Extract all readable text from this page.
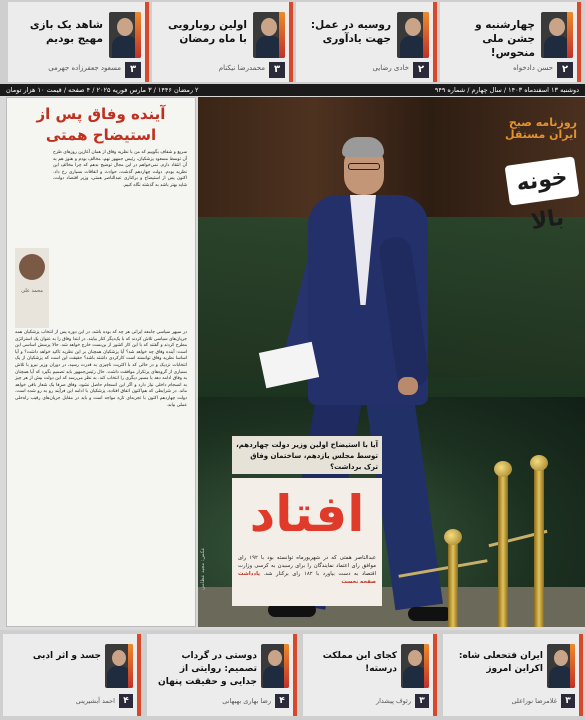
۲
چهارشنبه و جشن ملی منحوس!
حسن دادخواه
۲
روسیه در عمل: جهت یادآوری
خادی رضایی
۳
اولین رویارویی با ماه رمضان
محمدرضا نیکنام
۳
شاهد یک بازی مهیج بودیم
مسعود جعفرزاده جهرمی
دوشنبه ۱۳ اسفندماه ۱۴۰۳ / سال چهارم / شماره ۹۴۹
۲ رمضان ۱۴۴۶ / ۳ مارس فوریه ۲۰۲۵ / ۴ صفحه / قیمت ۱۰ هزار تومان
آینده وفاق پس از استیضاح همتی
محمد علی
سریع و شفاف بگوییم که من با نظریه وفاق از همان آغازین روزهای طرح آن توسط مسعود پزشکیان، رئیس جمهور نهم، مخالف بودم و هنوز هم به آن انتقاد دارم. نمی‌خواهم در این مجال توضیح بدهم که چرا مخالف این نظریه بودم. دولت چهاردهم گذشت، حوادث و اتفاقات بسیاری رخ داد. اکنون پس از استیضاح و برکناری عبدالناصر همتی، وزیر اقتصاد دولت، شاید بهتر باشد به گذشته نگاه کنیم.
در سپهر سیاسی جامعه ایرانی هر چه که بوده باشد، در این دوره پس از انتخاب پزشکیان همه جریان‌های سیاسی تلاش کردند که با یک‌دیگر کنار بیایند. در ابتدا وفاق را به عنوان یک استراتژی مطرح کردند و گفتند که با این کار کشور از بن‌بست خارج خواهد شد. حالا پرسش اساسی این است: آینده وفاق چه خواهد شد؟ آیا پزشکیان همچنان بر این نظریه تاکید خواهد داشت؟ و آیا اساسا نظریه وفاق توانسته است کارکردی داشته باشد؟ حقیقت این است که پزشکیان از یک انتخابات نزدیک و در حالی که با اکثریت ناچیزی به قدرت رسید، در دوران وزیر نیرو با تلاش بسیاری از گروه‌های پرتکرار موافقت داشت. حال رئیس‌جمهور باید تصمیم بگیرد که آیا همچنان به وفاق ادامه دهد یا مسیر دیگری را انتخاب کند. به نظر می‌رسد که این دولت بیش از هر چیز به انسجام داخلی نیاز دارد و اگر این انسجام حاصل نشود، وفاق صرفا یک شعار باقی خواهد ماند. در شرایطی که هم‌اکنون اتفاق افتاده، پزشکیان با ادامه این فرآیند رو به رو شده است. دولت چهاردهم اکنون با تجربه‌ای تازه مواجه است و باید در مقابل جریان‌های رقیب راه‌حلی عملی بیابد.
روزنامه صبح ایران مستقل
خونه‌ بالا
آیا با استیضاح اولین وزیر دولت چهاردهم، توسط مجلس یازدهم، ساختمان وفاق ترک برداشت؟
افتاد
عبدالناصر همتی که در شهریورماه توانسته بود با ۱۹۲ رای موافق رای اعتماد نمایندگان را برای رسیدن به کرسی وزارت اقتصاد به دست بیاورد با ۱۸۲ رای برکنار شد. یادداشت صفحه نخست
عکس: مجید عظامی
۳
ایران فتحعلی شاه: اکراین امروز
غلامرضا نوراعلی
۳
کجای این مملکت درسته!
رئوف پیشدار
۴
دوستی در گرداب تصمیم: روایتی از جدایی و حقیقت پنهان
رضا بهاری بهبهانی
۴
جسد و اثر ادبی
احمد آبشیرینی
